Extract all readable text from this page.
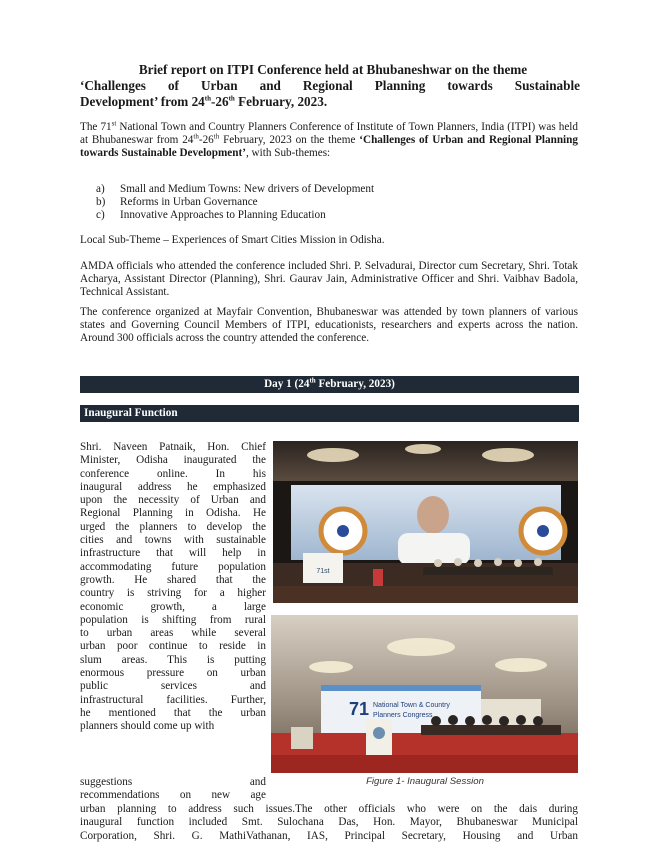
Brief report on ITPI Conference held at Bhubaneshwar on the theme
‘Challenges of Urban and Regional Planning towards Sustainable
Development’ from 24th-26th February, 2023.
The 71st National Town and Country Planners Conference of Institute of Town Planners, India (ITPI) was held at Bhubaneswar from 24th-26th February, 2023 on the theme ‘Challenges of Urban and Regional Planning towards Sustainable Development’, with Sub-themes:
a)	Small and Medium Towns: New drivers of Development
b)	Reforms in Urban Governance
c)	Innovative Approaches to Planning Education
Local Sub-Theme – Experiences of Smart Cities Mission in Odisha.
AMDA officials who attended the conference included Shri. P. Selvadurai, Director cum Secretary, Shri. Totak Acharya, Assistant Director (Planning), Shri. Gaurav Jain, Administrative Officer and Shri. Vaibhav Badola, Technical Assistant.
The conference organized at Mayfair Convention, Bhubaneswar was attended by town planners of various states and Governing Council Members of ITPI, educationists, researchers and experts across the nation. Around 300 officials across the country attended the conference.
Day 1 (24th February, 2023)
Inaugural Function
Shri. Naveen Patnaik, Hon. Chief
Minister, Odisha inaugurated the
conference online. In his
inaugural address he emphasized
upon the necessity of Urban and
Regional Planning in Odisha. He
urged the planners to develop the
cities and towns with sustainable
infrastructure that will help in
accommodating future population
growth. He shared that the
country is striving for a higher
economic growth, a large
population is shifting from rural
to urban areas while several
urban poor continue to reside in
slum areas. This is putting
enormous pressure on urban
public services and
infrastructural facilities. Further,
he mentioned that the urban
planners should come up with
71st
71 National Town & Country
Planners Congress
Figure 1- Inaugural Session
suggestions and
recommendations on new age
urban planning to address such issues.The other officials who were on the dais during
inaugural function included Smt. Sulochana Das, Hon. Mayor, Bhubaneswar Municipal
Corporation, Shri. G. MathiVathanan, IAS, Principal Secretary, Housing and Urban
